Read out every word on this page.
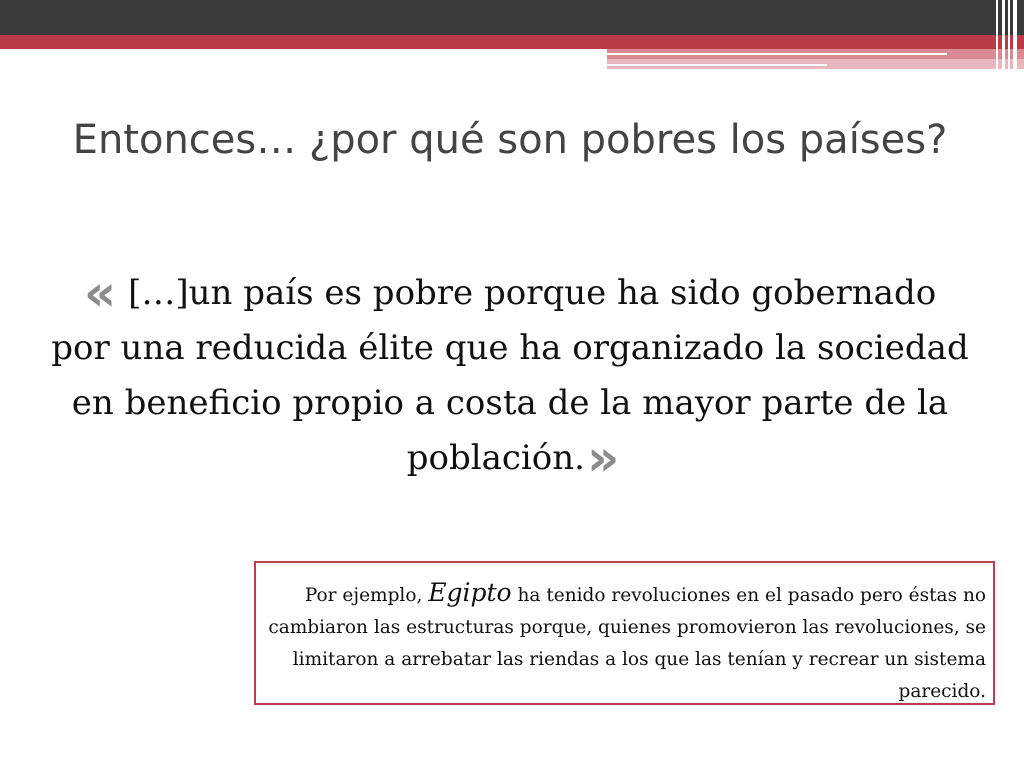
Entonces… ¿por qué son pobres los países?

« […]un país es pobre porque ha sido gobernado por una reducida élite que ha organizado la sociedad en beneficio propio a costa de la mayor parte de la población.»

Por ejemplo, Egipto ha tenido revoluciones en el pasado pero éstas no cambiaron las estructuras porque, quienes promovieron las revoluciones, se limitaron a arrebatar las riendas a los que las tenían y recrear un sistema parecido.
